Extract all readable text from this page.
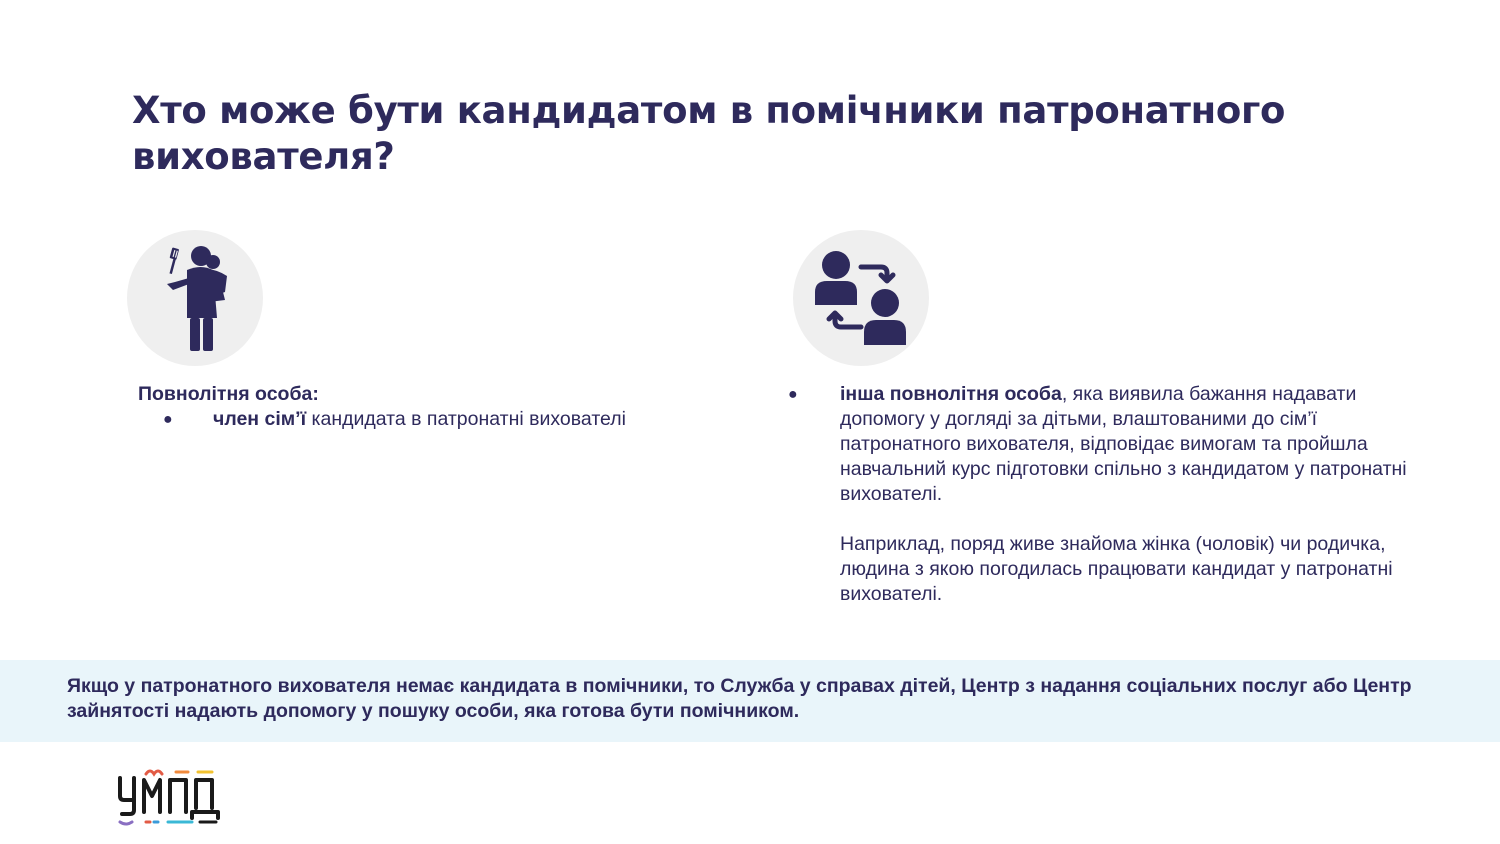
Хто може бути кандидатом в помічники патронатного вихователя?
Повнолітня особа:
● член сім’ї кандидата в патронатні вихователі
● інша повнолітня особа, яка виявила бажання надавати допомогу у догляді за дітьми, влаштованими до сім’ї патронатного вихователя, відповідає вимогам та пройшла навчальний курс підготовки спільно з кандидатом у патронатні вихователі.
Наприклад, поряд живе знайома жінка (чоловік) чи родичка, людина з якою погодилась працювати кандидат у патронатні вихователі.
Якщо у патронатного вихователя немає кандидата в помічники, то Служба у справах дітей, Центр з надання соціальних послуг або Центр зайнятості надають допомогу у пошуку особи, яка готова бути помічником.
